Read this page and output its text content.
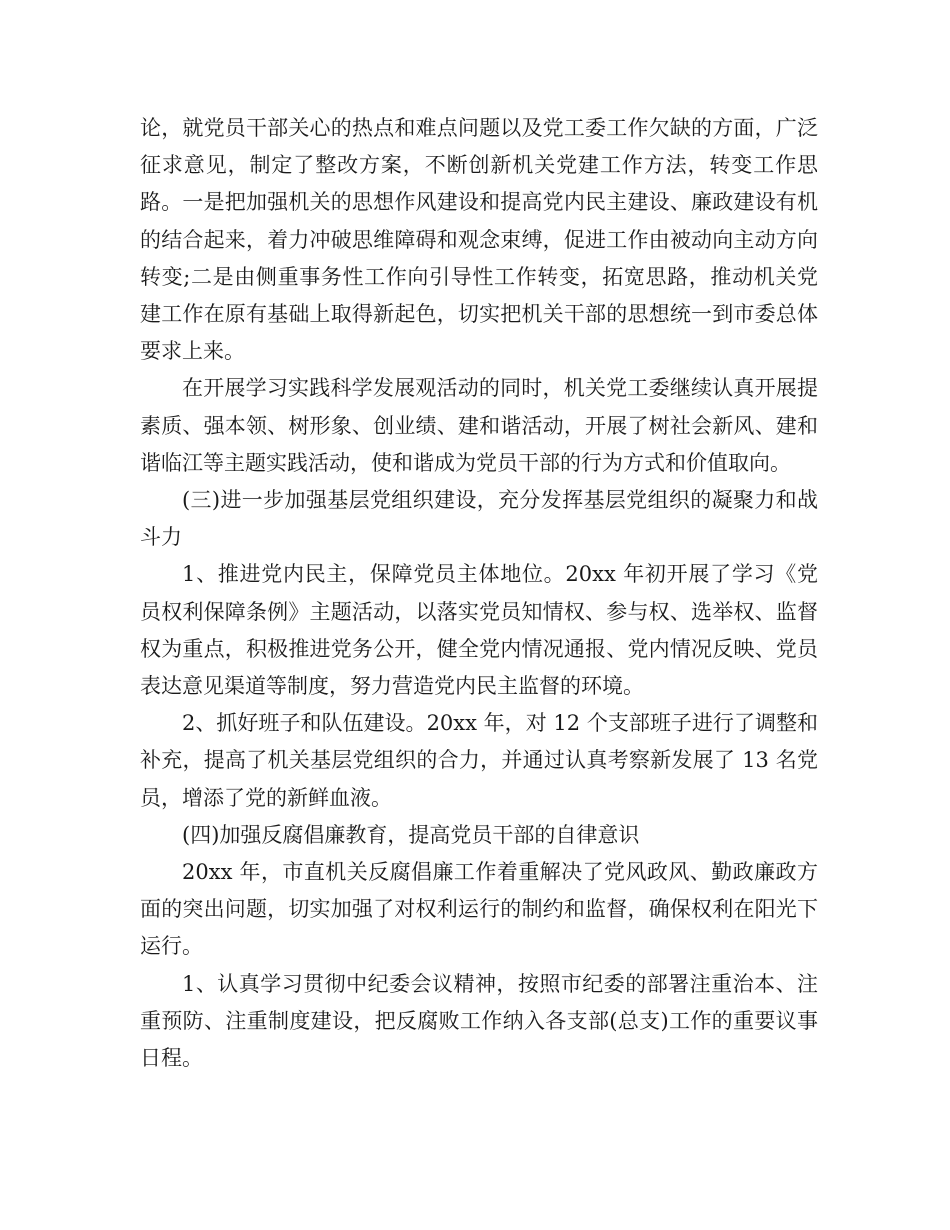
论，就党员干部关心的热点和难点问题以及党工委工作欠缺的方面，广泛征求意见，制定了整改方案，不断创新机关党建工作方法，转变工作思路。一是把加强机关的思想作风建设和提高党内民主建设、廉政建设有机的结合起来，着力冲破思维障碍和观念束缚，促进工作由被动向主动方向转变;二是由侧重事务性工作向引导性工作转变，拓宽思路，推动机关党建工作在原有基础上取得新起色，切实把机关干部的思想统一到市委总体要求上来。

在开展学习实践科学发展观活动的同时，机关党工委继续认真开展提素质、强本领、树形象、创业绩、建和谐活动，开展了树社会新风、建和谐临江等主题实践活动，使和谐成为党员干部的行为方式和价值取向。

(三)进一步加强基层党组织建设，充分发挥基层党组织的凝聚力和战斗力

1、推进党内民主，保障党员主体地位。20xx 年初开展了学习《党员权利保障条例》主题活动，以落实党员知情权、参与权、选举权、监督权为重点，积极推进党务公开，健全党内情况通报、党内情况反映、党员表达意见渠道等制度，努力营造党内民主监督的环境。

2、抓好班子和队伍建设。20xx 年，对 12 个支部班子进行了调整和补充，提高了机关基层党组织的合力，并通过认真考察新发展了 13 名党员，增添了党的新鲜血液。

(四)加强反腐倡廉教育，提高党员干部的自律意识

20xx 年，市直机关反腐倡廉工作着重解决了党风政风、勤政廉政方面的突出问题，切实加强了对权利运行的制约和监督，确保权利在阳光下运行。

1、认真学习贯彻中纪委会议精神，按照市纪委的部署注重治本、注重预防、注重制度建设，把反腐败工作纳入各支部(总支)工作的重要议事日程。
